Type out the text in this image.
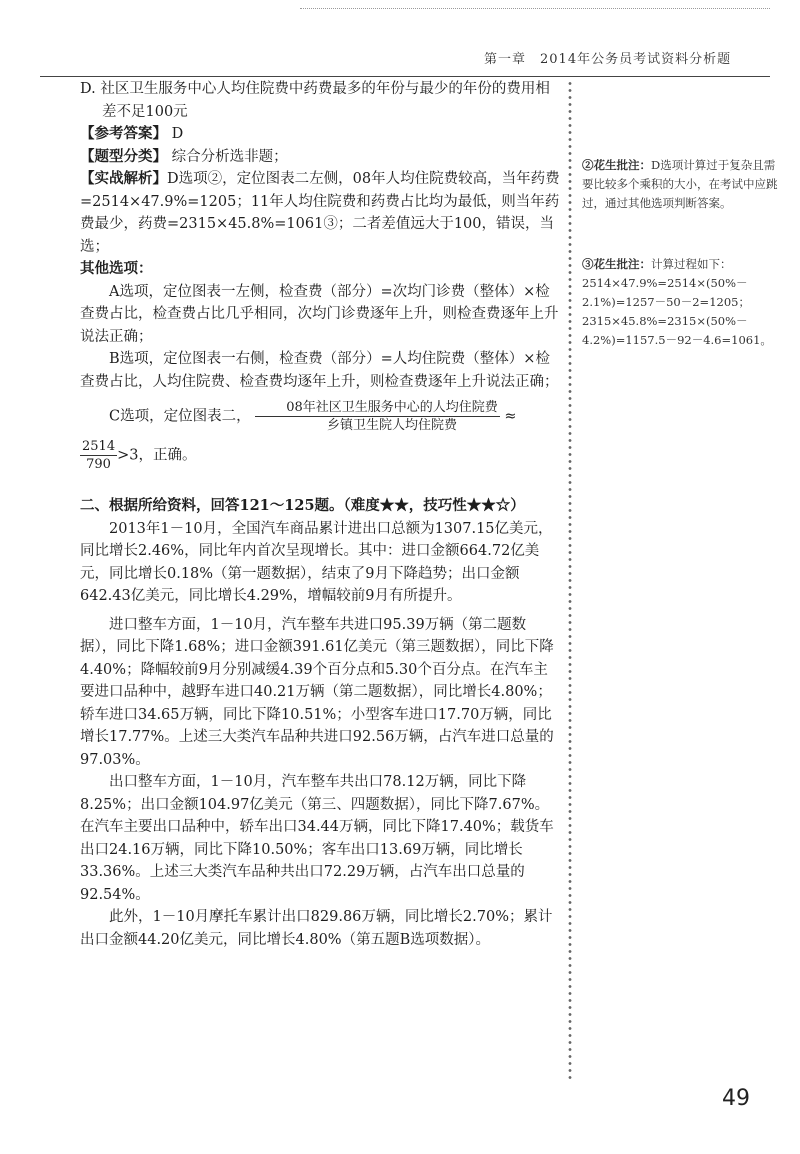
第一章　2014年公务员考试资料分析题

D. 社区卫生服务中心人均住院费中药费最多的年份与最少的年份的费用相差不足100元

【参考答案】 D

【题型分类】 综合分析选非题；

【实战解析】D选项②，定位图表二左侧，08年人均住院费较高，当年药费=2514×47.9%=1205；11年人均住院费和药费占比均为最低，则当年药费最少，药费=2315×45.8%=1061③；二者差值远大于100，错误，当选；

其他选项：

A选项，定位图表一左侧，检查费（部分）=次均门诊费（整体）×检查费占比，检查费占比几乎相同，次均门诊费逐年上升，则检查费逐年上升说法正确；

B选项，定位图表一右侧，检查费（部分）=人均住院费（整体）×检查费占比，人均住院费、检查费均逐年上升，则检查费逐年上升说法正确；

C选项，定位图表二， $\frac{\text{08年社区卫生服务中心的人均住院费}}{\text{乡镇卫生院人均住院费}}$ ≈

$\frac{2514}{790} >3$，正确。

二、根据所给资料，回答121～125题。（难度★★，技巧性★★☆）

2013年1－10月，全国汽车商品累计进出口总额为1307.15亿美元，同比增长2.46%，同比年内首次呈现增长。其中：进口金额664.72亿美元，同比增长0.18%（第一题数据），结束了9月下降趋势；出口金额642.43亿美元，同比增长4.29%，增幅较前9月有所提升。

进口整车方面，1－10月，汽车整车共进口95.39万辆（第二题数据），同比下降1.68%；进口金额391.61亿美元（第三题数据），同比下降4.40%；降幅较前9月分别减缓4.39个百分点和5.30个百分点。在汽车主要进口品种中，越野车进口40.21万辆（第二题数据），同比增长4.80%；轿车进口34.65万辆，同比下降10.51%；小型客车进口17.70万辆，同比增长17.77%。上述三大类汽车品种共进口92.56万辆，占汽车进口总量的97.03%。

出口整车方面，1－10月，汽车整车共出口78.12万辆，同比下降8.25%；出口金额104.97亿美元（第三、四题数据），同比下降7.67%。在汽车主要出口品种中，轿车出口34.44万辆，同比下降17.40%；载货车出口24.16万辆，同比下降10.50%；客车出口13.69万辆，同比增长33.36%。上述三大类汽车品种共出口72.29万辆，占汽车出口总量的92.54%。

此外，1－10月摩托车累计出口829.86万辆，同比增长2.70%；累计出口金额44.20亿美元，同比增长4.80%（第五题B选项数据）。

②花生批注：D选项计算过于复杂且需要比较多个乘积的大小，在考试中应跳过，通过其他选项判断答案。
③花生批注：计算过程如下：
2514×47.9%=2514×(50%－2.1%)=1257－50－2=1205；
2315×45.8%=2315×(50%－4.2%)=1157.5－92－4.6=1061。
49
